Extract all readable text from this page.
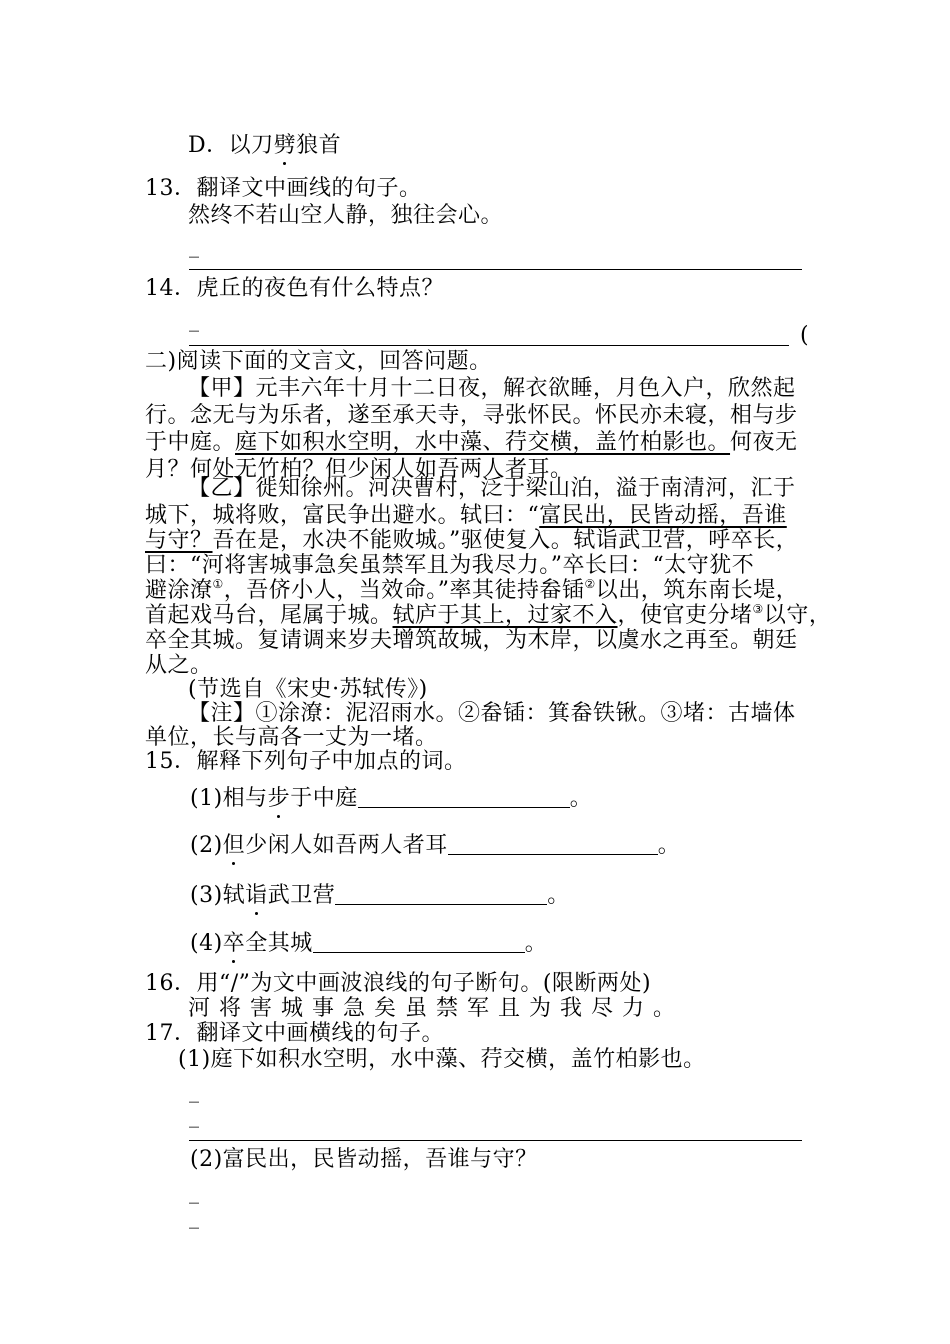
D．以刀劈狼首
13．翻译文中画线的句子。
然终不若山空人静，独往会心。
_
14．虎丘的夜色有什么特点？
_
(
二)阅读下面的文言文，回答问题。
【甲】元丰六年十月十二日夜，解衣欲睡，月色入户，欣然起
行。念无与为乐者，遂至承天寺，寻张怀民。怀民亦未寝，相与步
于中庭。庭下如积水空明，水中藻、荇交横，盖竹柏影也。何夜无
月？何处无竹柏？但少闲人如吾两人者耳。
【乙】徙知徐州。河决曹村，泛于梁山泊，溢于南清河，汇于
城下，城将败，富民争出避水。轼曰：“富民出，民皆动摇，吾谁
与守？吾在是，水决不能败城。”驱使复入。轼诣武卫营，呼卒长，
曰：“河将害城事急矣虽禁军且为我尽力。”卒长曰：“太守犹不
避涂潦①，吾侪小人，当效命。”率其徒持畚锸②以出，筑东南长堤，
首起戏马台，尾属于城。轼庐于其上，过家不入，使官吏分堵③以守，
卒全其城。复请调来岁夫增筑故城，为木岸，以虞水之再至。朝廷
从之。
(节选自《宋史·苏轼传》)
【注】①涂潦：泥沼雨水。②畚锸：箕畚铁锹。③堵：古墙体
单位，长与高各一丈为一堵。
15．解释下列句子中加点的词。
(1)相与步于中庭	。
(2)但少闲人如吾两人者耳	。
(3)轼诣武卫营	。
(4)卒全其城	。
16．用“/”为文中画波浪线的句子断句。(限断两处)
河将害城事急矣虽禁军且为我尽力。
17．翻译文中画横线的句子。
(1)庭下如积水空明，水中藻、荇交横，盖竹柏影也。
_
_
(2)富民出，民皆动摇，吾谁与守？
_
_
